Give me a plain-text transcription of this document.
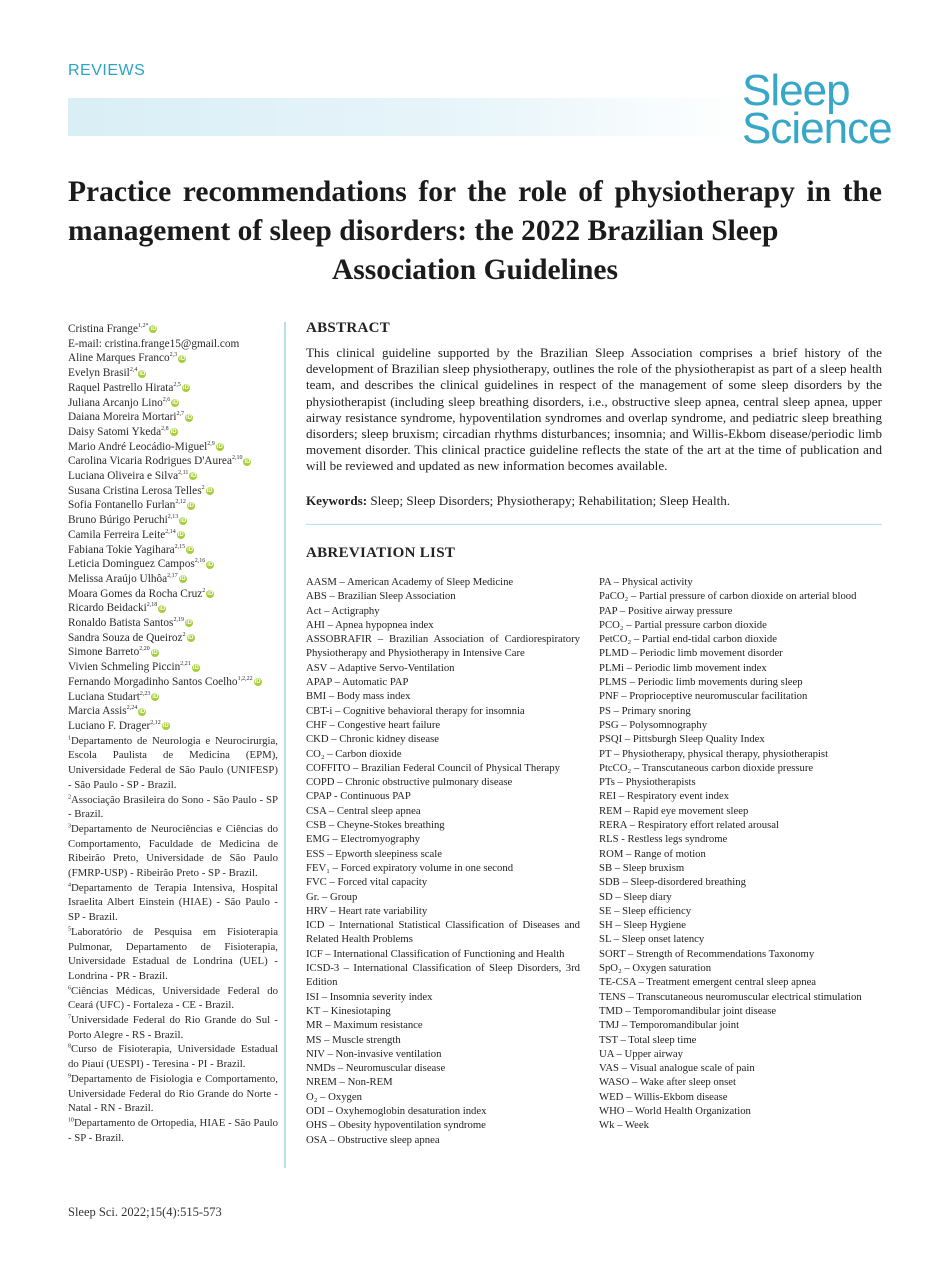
REVIEWS	Sleep
Science
Practice recommendations for the role of physiotherapy in the management of sleep disorders: the 2022 Brazilian Sleep
Association Guidelines
Cristina Frange$^{1,2*}$iD
E-mail: cristina.frange15@gmail.com
Aline Marques Franco$^{2,3}$iD
Evelyn Brasil$^{2,4}$iD
Raquel Pastrello Hirata$^{2,5}$iD
Juliana Arcanjo Lino$^{2,6}$iD
Daiana Moreira Mortari$^{2,7}$iD
Daisy Satomi Ykeda$^{2,8}$iD
Mario André Leocádio-Miguel$^{2,9}$iD
Carolina Vicaria Rodrigues D'Aurea$^{2,10}$iD
Luciana Oliveira e Silva$^{2,11}$iD
Susana Cristina Lerosa Telles$^2$iD
Sofia Fontanello Furlan$^{2,12}$iD
Bruno Búrigo Peruchi$^{2,13}$iD
Camila Ferreira Leite$^{2,14}$iD
Fabiana Tokie Yagihara$^{2,15}$iD
Leticia Dominguez Campos$^{2,16}$iD
Melissa Araújo Ulhôa$^{2,17}$iD
Moara Gomes da Rocha Cruz$^2$iD
Ricardo Beidacki$^{2,18}$iD
Ronaldo Batista Santos$^{2,19}$iD
Sandra Souza de Queiroz$^2$iD
Simone Barreto$^{2,20}$iD
Vivien Schmeling Piccin$^{2,21}$iD
Fernando Morgadinho Santos Coelho$^{1,2,22}$iD
Luciana Studart$^{2,23}$iD
Marcia Assis$^{2,24}$iD
Luciano F. Drager$^{2,12}$iD
$^1$Departamento de Neurologia e Neurocirurgia, Escola Paulista de Medicina (EPM), Universidade Federal de São Paulo (UNIFESP) - São Paulo - SP - Brazil.
$^2$Associação Brasileira do Sono - São Paulo - SP - Brazil.
$^3$Departamento de Neurociências e Ciências do Comportamento, Faculdade de Medicina de Ribeirão Preto, Universidade de São Paulo (FMRP-USP) - Ribeirão Preto - SP - Brazil.
$^4$Departamento de Terapia Intensiva, Hospital Israelita Albert Einstein (HIAE) - São Paulo - SP - Brazil.
$^5$Laboratório de Pesquisa em Fisioterapia Pulmonar, Departamento de Fisioterapia, Universidade Estadual de Londrina (UEL) - Londrina - PR - Brazil.
$^6$Ciências Médicas, Universidade Federal do Ceará (UFC) - Fortaleza - CE - Brazil.
$^7$Universidade Federal do Rio Grande do Sul - Porto Alegre - RS - Brazil.
$^8$Curso de Fisioterapia, Universidade Estadual do Piauí (UESPI) - Teresina - PI - Brazil.
$^9$Departamento de Fisiologia e Comportamento, Universidade Federal do Rio Grande do Norte - Natal - RN - Brazil.
$^{10}$Departamento de Ortopedia, HIAE - São Paulo - SP - Brazil.
ABSTRACT
This clinical guideline supported by the Brazilian Sleep Association comprises a brief history of the development of Brazilian sleep physiotherapy, outlines the role of the physiotherapist as part of a sleep health team, and describes the clinical guidelines in respect of the management of some sleep disorders by the physiotherapist (including sleep breathing disorders, i.e., obstructive sleep apnea, central sleep apnea, upper airway resistance syndrome, hypoventilation syndromes and overlap syndrome, and pediatric sleep breathing disorders; sleep bruxism; circadian rhythms disturbances; insomnia; and Willis-Ekbom disease/periodic limb movement disorder. This clinical practice guideline reflects the state of the art at the time of publication and will be reviewed and updated as new information becomes available.
Keywords: Sleep; Sleep Disorders; Physiotherapy; Rehabilitation; Sleep Health.
ABREVIATION LIST
AASM – American Academy of Sleep Medicine
ABS – Brazilian Sleep Association
Act – Actigraphy
AHI – Apnea hypopnea index
ASSOBRAFIR – Brazilian Association of Cardiorespiratory Physiotherapy and Physiotherapy in Intensive Care
ASV – Adaptive Servo-Ventilation
APAP – Automatic PAP
BMI – Body mass index
CBT-i – Cognitive behavioral therapy for insomnia
CHF – Congestive heart failure
CKD – Chronic kidney disease
CO₂ – Carbon dioxide
COFFITO – Brazilian Federal Council of Physical Therapy
COPD – Chronic obstructive pulmonary disease
CPAP - Continuous PAP
CSA – Central sleep apnea
CSB – Cheyne-Stokes breathing
EMG – Electromyography
ESS – Epworth sleepiness scale
FEV₁ – Forced expiratory volume in one second
FVC – Forced vital capacity
Gr. – Group
HRV – Heart rate variability
ICD – International Statistical Classification of Diseases and Related Health Problems
ICF – International Classification of Functioning and Health
ICSD-3 – International Classification of Sleep Disorders, 3rd Edition
ISI – Insomnia severity index
KT – Kinesiotaping
MR – Maximum resistance
MS – Muscle strength
NIV – Non-invasive ventilation
NMDs – Neuromuscular disease
NREM – Non-REM
O₂ – Oxygen
ODI – Oxyhemoglobin desaturation index
OHS – Obesity hypoventilation syndrome
OSA – Obstructive sleep apnea
PA – Physical activity
PaCO₂ – Partial pressure of carbon dioxide on arterial blood
PAP – Positive airway pressure
PCO₂ – Partial pressure carbon dioxide
PetCO₂ – Partial end-tidal carbon dioxide
PLMD – Periodic limb movement disorder
PLMi – Periodic limb movement index
PLMS – Periodic limb movements during sleep
PNF – Proprioceptive neuromuscular facilitation
PS – Primary snoring
PSG – Polysomnography
PSQI – Pittsburgh Sleep Quality Index
PT – Physiotherapy, physical therapy, physiotherapist
PtcCO₂ – Transcutaneous carbon dioxide pressure
PTs – Physiotherapists
REI – Respiratory event index
REM – Rapid eye movement sleep
RERA – Respiratory effort related arousal
RLS - Restless legs syndrome
ROM – Range of motion
SB – Sleep bruxism
SDB – Sleep-disordered breathing
SD – Sleep diary
SE – Sleep efficiency
SH – Sleep Hygiene
SL – Sleep onset latency
SORT – Strength of Recommendations Taxonomy
SpO₂ – Oxygen saturation
TE-CSA – Treatment emergent central sleep apnea
TENS – Transcutaneous neuromuscular electrical stimulation
TMD – Temporomandibular joint disease
TMJ – Temporomandibular joint
TST – Total sleep time
UA – Upper airway
VAS – Visual analogue scale of pain
WASO – Wake after sleep onset
WED – Willis-Ekbom disease
WHO – World Health Organization
Wk – Week
Sleep Sci. 2022;15(4):515-573
